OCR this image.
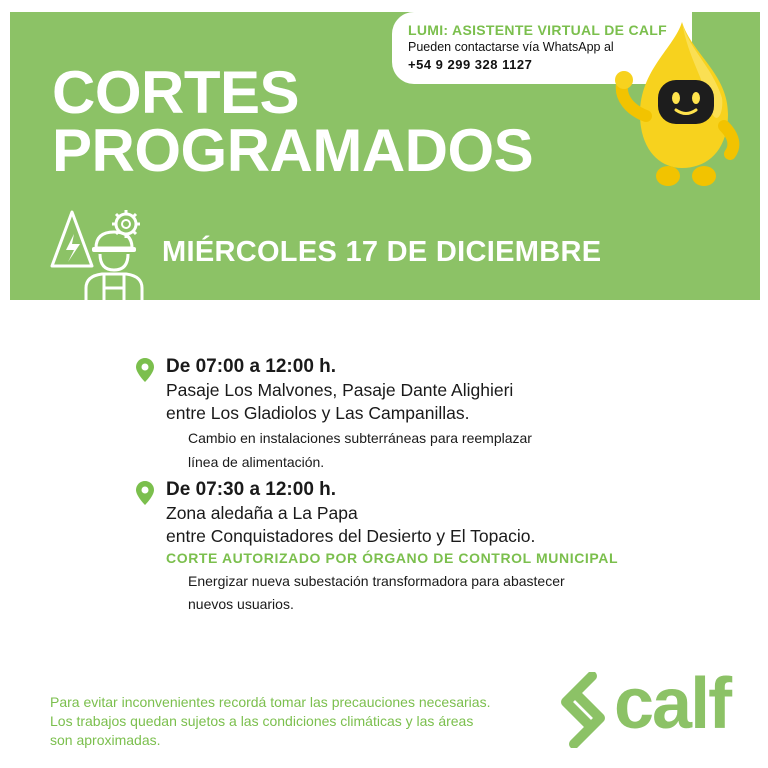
LUMI: ASISTENTE VIRTUAL DE CALF
Pueden contactarse vía WhatsApp al
+54 9 299 328 1127
CORTES
PROGRAMADOS
MIÉRCOLES 17 DE DICIEMBRE
De 07:00 a 12:00 h.
Pasaje Los Malvones, Pasaje Dante Alighieri
entre Los Gladiolos y Las Campanillas.
Cambio en instalaciones subterráneas para reemplazar
línea de alimentación.
De 07:30 a 12:00 h.
Zona aledaña a La Papa
entre Conquistadores del Desierto y El Topacio.
CORTE AUTORIZADO POR ÓRGANO DE CONTROL MUNICIPAL
Energizar nueva subestación transformadora para abastecer
nuevos usuarios.
Para evitar inconvenientes recordá tomar las precauciones necesarias.
Los trabajos quedan sujetos a las condiciones climáticas y las áreas
son aproximadas.	calf
